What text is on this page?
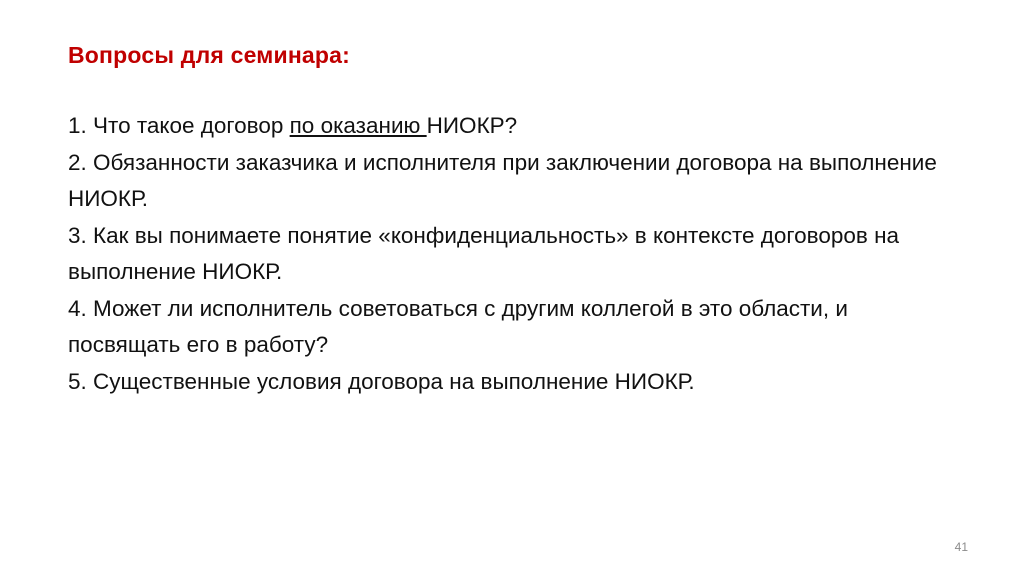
Вопросы для семинара:
1. Что такое договор по оказанию НИОКР?
2. Обязанности заказчика и исполнителя при заключении договора на выполнение НИОКР.
3. Как вы понимаете понятие «конфиденциальность» в контексте договоров на выполнение НИОКР.
4. Может ли исполнитель советоваться с другим коллегой в это области, и посвящать его в работу?
5. Существенные условия договора на выполнение НИОКР.
41
